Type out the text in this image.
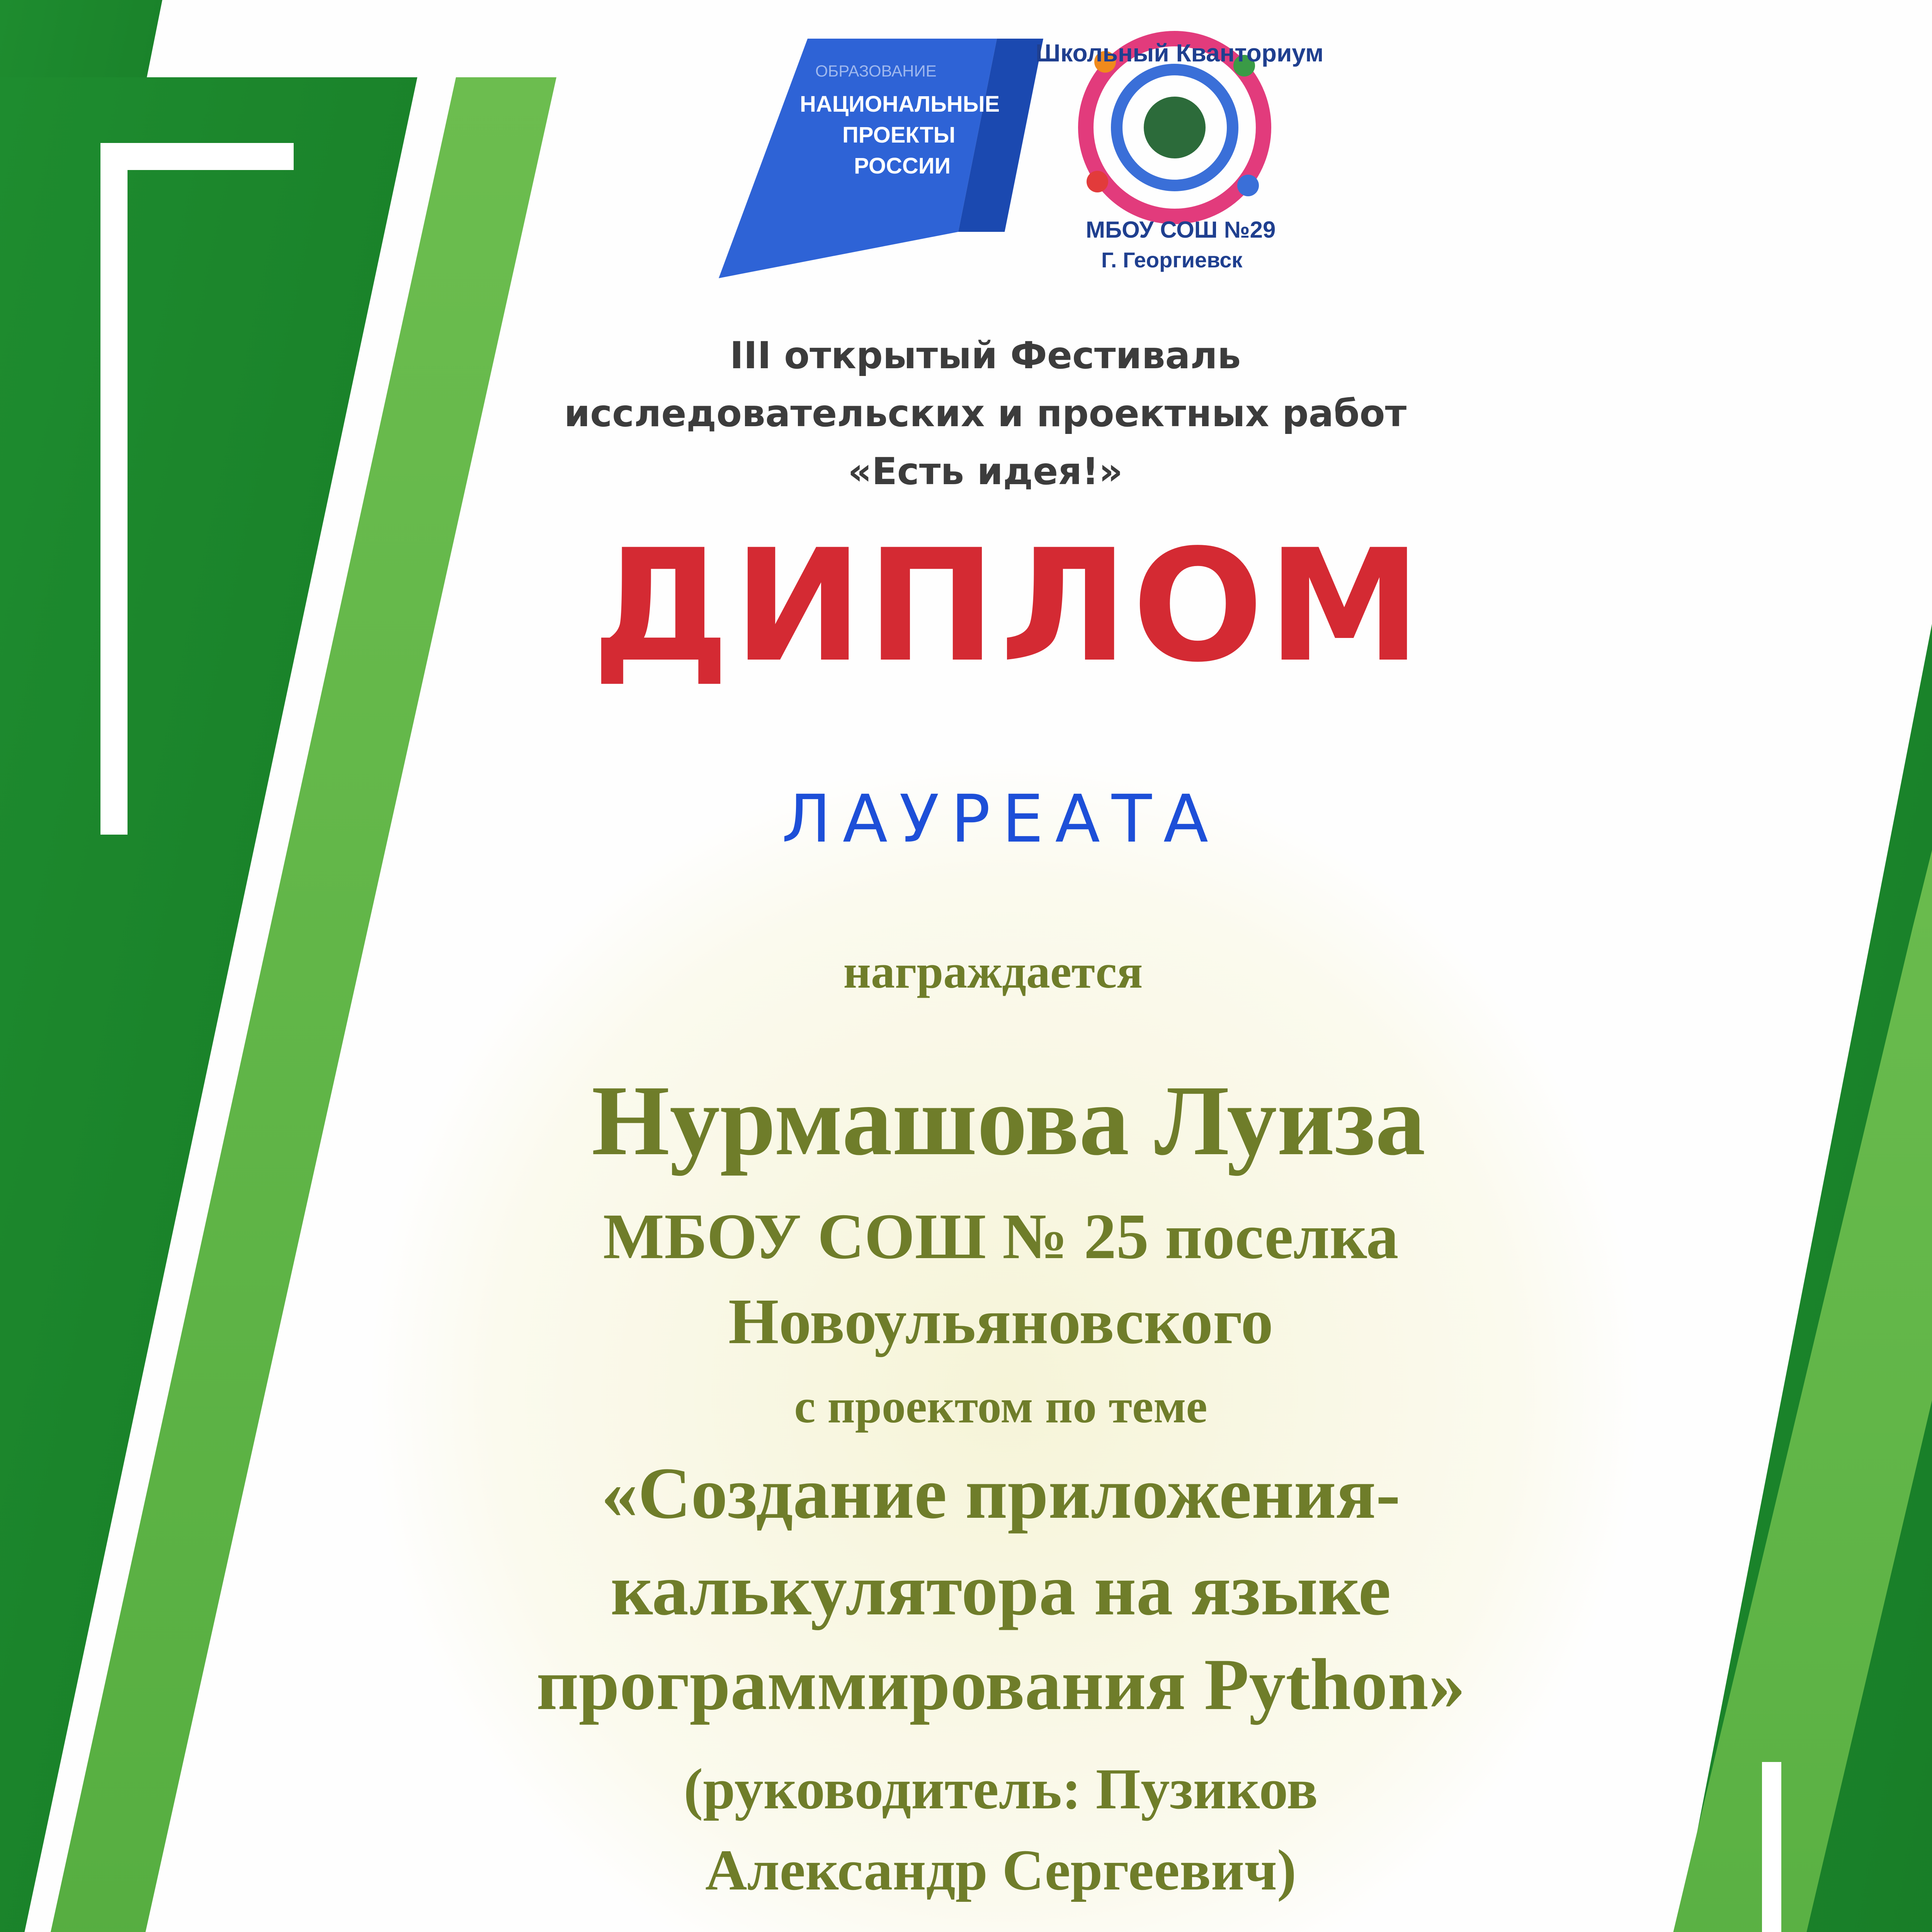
ОБРАЗОВАНИЕ
НАЦИОНАЛЬНЫЕ
ПРОЕКТЫ
РОССИИ
Школьный Кванториум
МБОУ СОШ №29
Г. Георгиевск
III открытый Фестиваль
исследовательских и проектных работ
«Есть идея!»
ДИПЛОМ
ЛАУРЕАТА
награждается
Нурмашова Луиза
МБОУ СОШ № 25 поселка
Новоульяновского
с проектом по теме
«Создание приложения-
калькулятора на языке
программирования Python»
(руководитель: Пузиков
Александр Сергеевич)
